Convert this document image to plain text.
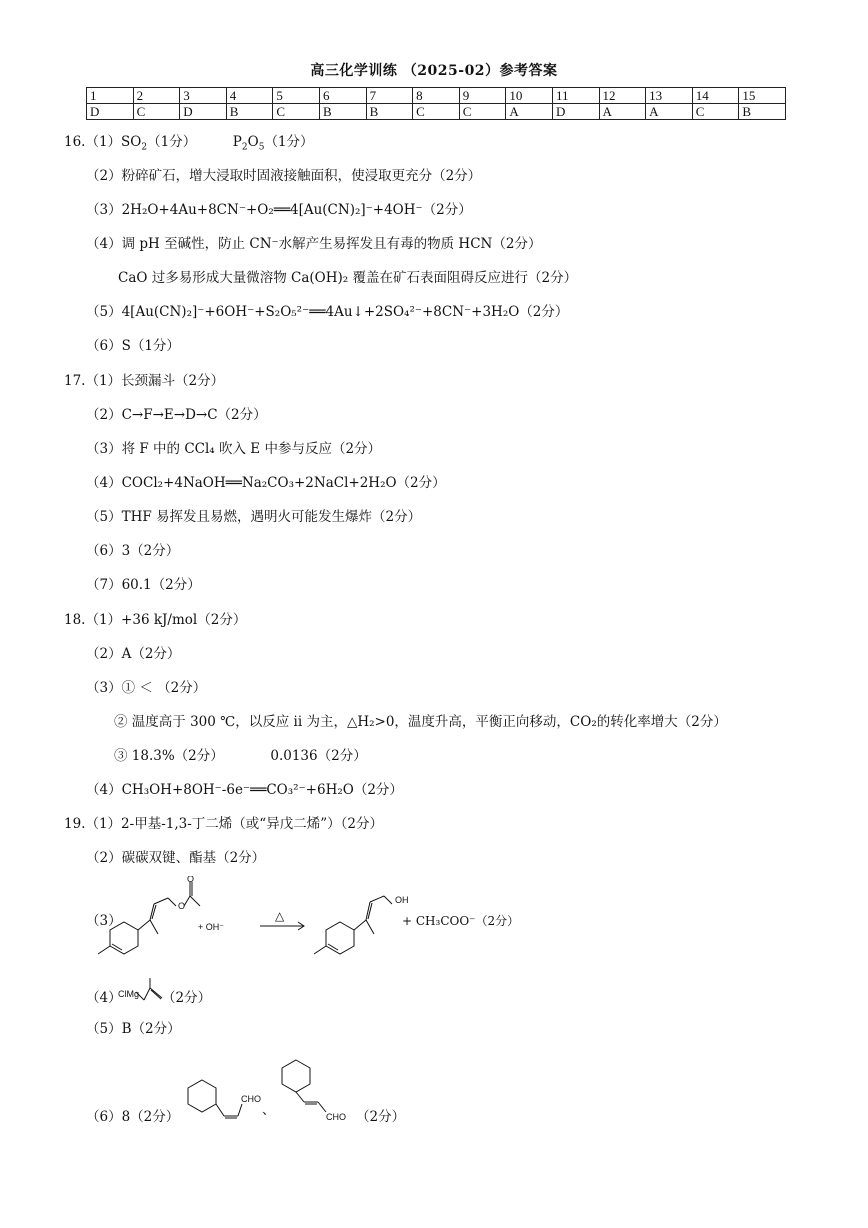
高三化学训练 （2025-02）参考答案
1	2	3	4	5	6	7	8	9	10	11	12	13	14	15
D	C	D	B	C	B	B	C	C	A	D	A	A	C	B
$16.(1)SO_2(1$分）	$P_2O_5(1$分）
（2）粉碎矿石，增大浸取时固液接触面积，使浸取更充分（2分）
（3）2H₂O+4Au+8CN⁻+O₂══4[Au(CN)₂]⁻+4OH⁻（2分）
（4）调 pH 至碱性，防止 CN⁻水解产生易挥发且有毒的物质 HCN（2分）
CaO 过多易形成大量微溶物 Ca(OH)₂ 覆盖在矿石表面阻碍反应进行（2分）
（5）4[Au(CN)₂]⁻+6OH⁻+S₂O₅²⁻══4Au↓+2SO₄²⁻+8CN⁻+3H₂O（2分）
（6）S（1分）
17.（1）长颈漏斗（2分）
（2）C→F→E→D→C（2分）
（3）将 F 中的 CCl₄ 吹入 E 中参与反应（2分）
（4）COCl₂+4NaOH══Na₂CO₃+2NaCl+2H₂O（2分）
（5）THF 易挥发且易燃，遇明火可能发生爆炸（2分）
（6）3（2分）
（7）60.1（2分）
18.（1）+36 kJ/mol（2分）
（2）A（2分）
（3）① ＜ （2分）
② 温度高于 300 ℃，以反应 ii 为主，△H₂>0，温度升高，平衡正向移动，CO₂的转化率增大（2分）
③ 18.3%（2分）	0.0136（2分）
（4）CH₃OH+8OH⁻-6e⁻══CO₃²⁻+6H₂O（2分）
19.（1）2-甲基-1,3-丁二烯（或“异戊二烯”）（2分）
（2）碳碳双键、酯基（2分）
（3）
O
O
OH
+ OH⁻
△	+ CH₃COO⁻（2分）
（4）
ClMg （2分）
（5）B（2分）
（6）8（2分）
CHO
、	CHO （2分）
